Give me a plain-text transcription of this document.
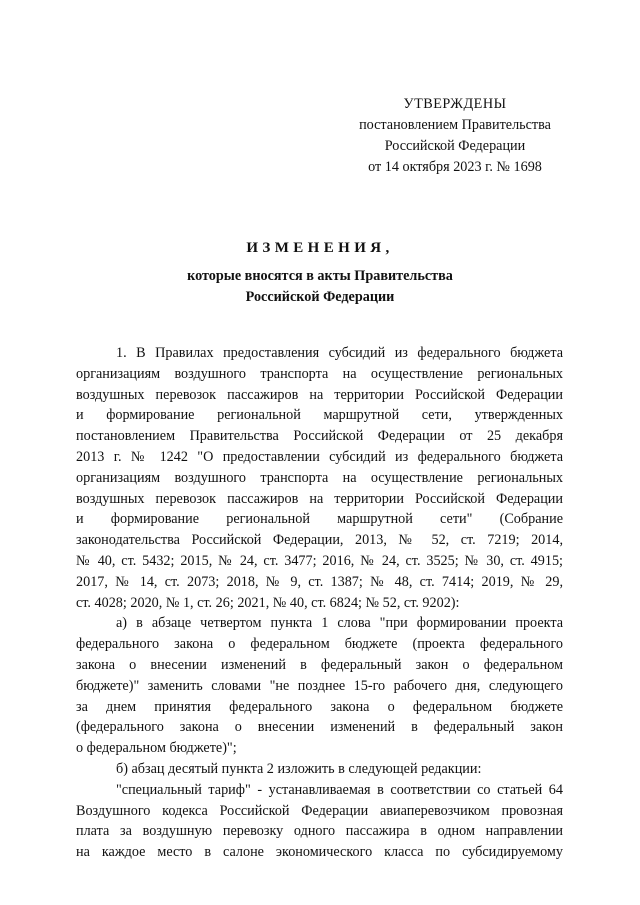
УТВЕРЖДЕНЫ
постановлением Правительства
Российской Федерации
от 14 октября 2023 г. № 1698
ИЗМЕНЕНИЯ,
которые вносятся в акты Правительства
Российской Федерации
1. В Правилах предоставления субсидий из федерального бюджета
организациям воздушного транспорта на осуществление региональных
воздушных перевозок пассажиров на территории Российской Федерации
и формирование региональной маршрутной сети, утвержденных
постановлением Правительства Российской Федерации от 25 декабря
2013 г. № 1242 "О предоставлении субсидий из федерального бюджета
организациям воздушного транспорта на осуществление региональных
воздушных перевозок пассажиров на территории Российской Федерации
и формирование региональной маршрутной сети" (Собрание
законодательства Российской Федерации, 2013, № 52, ст. 7219; 2014,
№ 40, ст. 5432; 2015, № 24, ст. 3477; 2016, № 24, ст. 3525; № 30, ст. 4915;
2017, № 14, ст. 2073; 2018, № 9, ст. 1387; № 48, ст. 7414; 2019, № 29,
ст. 4028; 2020, № 1, ст. 26; 2021, № 40, ст. 6824; № 52, ст. 9202):
а) в абзаце четвертом пункта 1 слова "при формировании проекта
федерального закона о федеральном бюджете (проекта федерального
закона о внесении изменений в федеральный закон о федеральном
бюджете)" заменить словами "не позднее 15-го рабочего дня, следующего
за днем принятия федерального закона о федеральном бюджете
(федерального закона о внесении изменений в федеральный закон
о федеральном бюджете)";
б) абзац десятый пункта 2 изложить в следующей редакции:
"специальный тариф" - устанавливаемая в соответствии со статьей 64
Воздушного кодекса Российской Федерации авиаперевозчиком провозная
плата за воздушную перевозку одного пассажира в одном направлении
на каждое место в салоне экономического класса по субсидируемому
